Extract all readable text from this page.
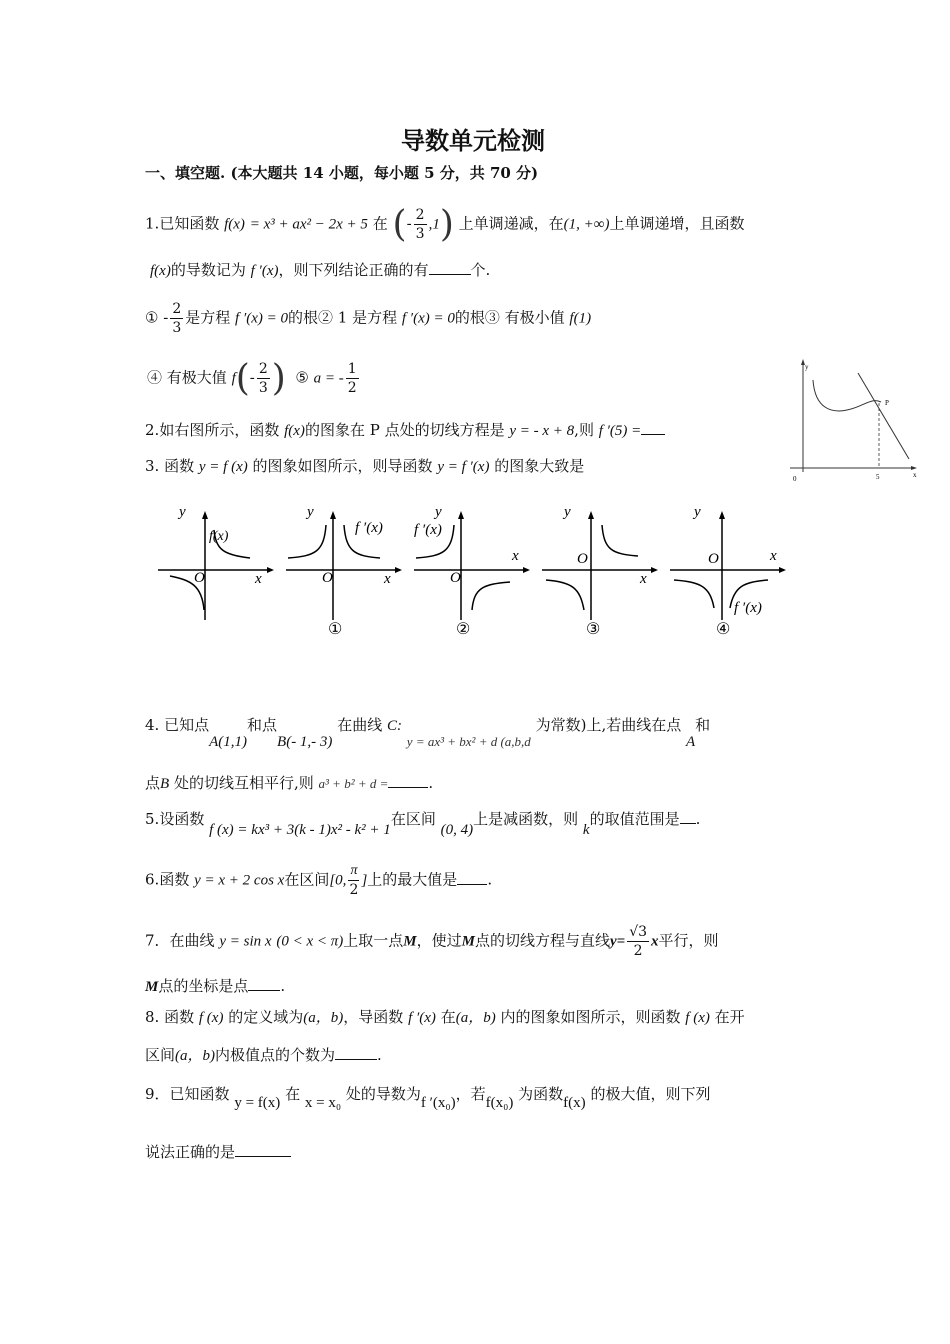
导数单元检测
一、填空题. (本大题共 14 小题，每小题 5 分，共 70 分)
1.已知函数 f(x) = x³ + ax² − 2x + 5 在 (- $\frac{2}{3} ,1$) 上单调递减，在(1, +∞)上单调递增，且函数
f(x)的导数记为 f ′(x)，则下列结论正确的有	个.
① - $\frac{2}{3}$ 是方程 f ′(x) = 0的根② 1 是方程 f ′(x) = 0的根③ 有极小值 f(1)
④ 有极大值 $f(- \frac{2}{3}$ ) ⑤ a = - $\frac{1}{2}$
2.如右图所示，函数 f(x)的图象在 P 点处的切线方程是 y = - x + 8,则 f ′(5) =
y
x
0
P
5
3. 函数 y = f (x) 的图象如图所示，则导函数 y = f ′(x) 的图象大致是
y
x
O
f(x)
y
x
O
f ′(x)
①
y
x
O
f ′(x)
②
y
x
O
③
y
x
O
f ′(x)
④
4. 已知点A(1,1)和点B(- 1,- 3) 在曲线 C: y = ax³ + bx² + d (a,b,d 为常数)上,若曲线在点 A和
点B 处的切线互相平行,则 a³ + b² + d =	.
5.设函数 f (x) = kx³ + 3(k - 1)x² - k² + 1在区间 (0, 4)上是减函数，则 k的取值范围是 .
6.函数 y = x + 2 cos x在区间[0, $\frac{\pi}{2}$ ]上的最大值是 .
7．在曲线 y = sin x (0 < x < π)上取一点M，使过M点的切线方程与直线$y= \frac{√3}{2}$ x平行，则
M点的坐标是点 .
8. 函数 f (x) 的定义域为(a，b)，导函数 f ′(x) 在(a，b) 内的图象如图所示，则函数 f (x) 在开
区间(a，b)内极值点的个数为	.
9．已知函数 y = f(x) 在 x = x₀ 处的导数为f ′(x₀)，若f(x₀) 为函数f(x) 的极大值，则下列
说法正确的是
